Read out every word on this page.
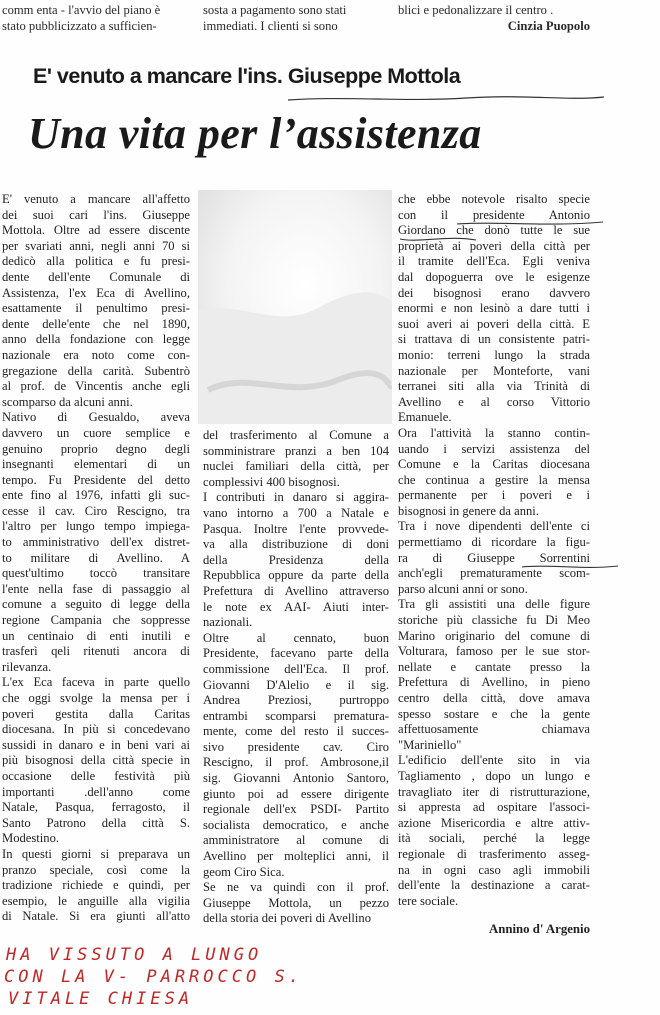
comm enta - l'avvio del piano è
stato pubblicizzato a sufficien-
sosta a pagamento sono stati
immediati. I clienti si sono
blici e pedonalizzare il centro .
Cinzia Puopolo
E' venuto a mancare l'ins. Giuseppe Mottola
Una vita per l’assistenza
E' venuto a mancare all'affetto
dei suoi cari l'ins. Giuseppe
Mottola. Oltre ad essere discente
per svariati anni, negli anni 70 si
dedicò alla politica e fu presi-
dente dell'ente Comunale di
Assistenza, l'ex Eca di Avellino,
esattamente il penultimo presi-
dente delle'ente che nel 1890,
anno della fondazione con legge
nazionale era noto come con-
gregazione della carità. Subentrò
al prof. de Vincentis anche egli
scomparso da alcuni anni.
Nativo di Gesualdo, aveva
davvero un cuore semplice e
genuino proprio degno degli
insegnanti elementari di un
tempo. Fu Presidente del detto
ente fino al 1976, infatti gli suc-
cesse il cav. Ciro Rescigno, tra
l'altro per lungo tempo impiega-
to amministrativo dell'ex distret-
to militare di Avellino. A
quest'ultimo toccò transitare
l'ente nella fase di passaggio al
comune a seguito di legge della
regione Campania che soppresse
un centinaio di enti inutili e
trasferì qeli ritenuti ancora di
rilevanza.
L'ex Eca faceva in parte quello
che oggi svolge la mensa per i
poveri gestita dalla Caritas
diocesana. In più si concedevano
sussidi in danaro e in beni vari ai
più bisognosi della città specie in
occasione delle festività più
importanti .dell'anno come
Natale, Pasqua, ferragosto, il
Santo Patrono della città S.
Modestino.
In questi giorni si preparava un
pranzo speciale, così come la
tradizione richiede e quindi, per
esempio, le anguille alla vigilia
di Natale. Si era giunti all'atto
del trasferimento al Comune a
somministrare pranzi a ben 104
nuclei familiari della città, per
complessivi 400 bisognosi.
I contributi in danaro si aggira-
vano intorno a 700 a Natale e
Pasqua. Inoltre l'ente provvede-
va alla distribuzione di doni
della Presidenza della
Repubblica oppure da parte della
Prefettura di Avellino attraverso
le note ex AAI- Aiuti inter-
nazionali.
Oltre al cennato, buon
Presidente, facevano parte della
commissione dell'Eca. Il prof.
Giovanni D'Alelio e il sig.
Andrea Preziosi, purtroppo
entrambi scomparsi prematura-
mente, come del resto il succes-
sivo presidente cav. Ciro
Rescigno, il prof. Ambrosone,il
sig. Giovanni Antonio Santoro,
giunto poi ad essere dirigente
regionale dell'ex PSDI- Partito
socialista democratico, e anche
amministratore al comune di
Avellino per molteplici anni, il
geom Ciro Sica.
Se ne va quindi con il prof.
Giuseppe Mottola, un pezzo
della storia dei poveri di Avellino
che ebbe notevole risalto specie
con il presidente Antonio
Giordano che donò tutte le sue
proprietà ai poveri della città per
il tramite dell'Eca. Egli veniva
dal dopoguerra ove le esigenze
dei bisognosi erano davvero
enormi e non lesinò a dare tutti i
suoi averi ai poveri della città. E
si trattava di un consistente patri-
monio: terreni lungo la strada
nazionale per Monteforte, vani
terranei siti alla via Trinità di
Avellino e al corso Vittorio
Emanuele.
Ora l'attività la stanno contin-
uando i servizi assistenza del
Comune e la Caritas diocesana
che continua a gestire la mensa
permanente per i poveri e i
bisognosi in genere da anni.
Tra i nove dipendenti dell'ente ci
permettiamo di ricordare la figu-
ra di Giuseppe Sorrentini
anch'egli prematuramente scom-
parso alcuni anni or sono.
Tra gli assistiti una delle figure
storiche più classiche fu Di Meo
Marino originario del comune di
Volturara, famoso per le sue stor-
nellate e cantate presso la
Prefettura di Avellino, in pieno
centro della città, dove amava
spesso sostare e che la gente
affettuosamente chiamava
"Mariniello"
L'edificio dell'ente sito in via
Tagliamento , dopo un lungo e
travagliato iter di ristrutturazione,
si appresta ad ospitare l'associ-
azione Misericordia e altre attiv-
ità sociali, perché la legge
regionale di trasferimento asseg-
na in ogni caso agli immobili
dell'ente la destinazione a carat-
tere sociale.
Annino d' Argenio
HA VISSUTO A LUNGO
CON LA V- PARROCCO S.
VITALE CHIESA
